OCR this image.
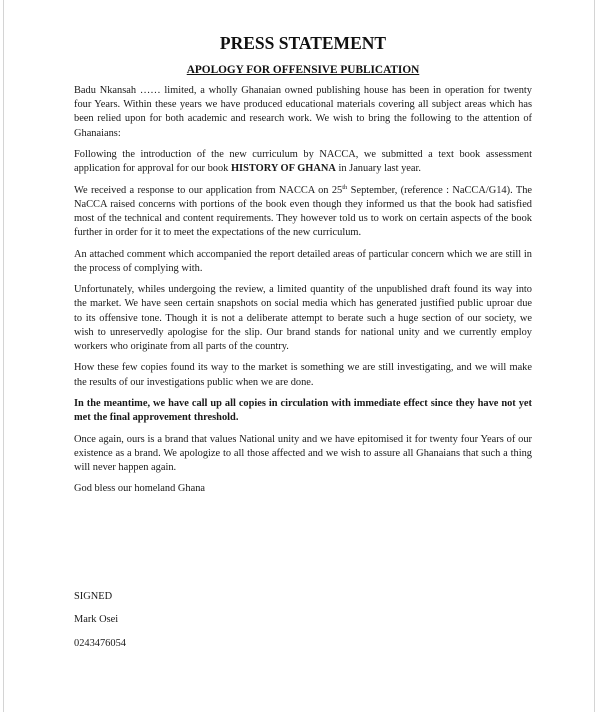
PRESS STATEMENT
APOLOGY FOR OFFENSIVE PUBLICATION

Badu Nkansah …… limited, a wholly Ghanaian owned publishing house has been in operation for twenty four Years. Within these years we have produced educational materials covering all subject areas which has been relied upon for both academic and research work. We wish to bring the following to the attention of Ghanaians:

Following the introduction of the new curriculum by NACCA, we submitted a text book assessment application for approval for our book HISTORY OF GHANA in January last year.

We received a response to our application from NACCA on 25th September, (reference : NaCCA/G14). The NaCCA raised concerns with portions of the book even though they informed us that the book had satisfied most of the technical and content requirements. They however told us to work on certain aspects of the book further in order for it to meet the expectations of the new curriculum.

An attached comment which accompanied the report detailed areas of particular concern which we are still in the process of complying with.

Unfortunately, whiles undergoing the review, a limited quantity of the unpublished draft found its way into the market. We have seen certain snapshots on social media which has generated justified public uproar due to its offensive tone. Though it is not a deliberate attempt to berate such a huge section of our society, we wish to unreservedly apologise for the slip. Our brand stands for national unity and we currently employ workers who originate from all parts of the country.

How these few copies found its way to the market is something we are still investigating, and we will make the results of our investigations public when we are done.

In the meantime, we have call up all copies in circulation with immediate effect since they have not yet met the final approvement threshold.

Once again, ours is a brand that values National unity and we have epitomised it for twenty four Years of our existence as a brand. We apologize to all those affected and we wish to assure all Ghanaians that such a thing will never happen again.

God bless our homeland Ghana

SIGNED

Mark Osei

0243476054
